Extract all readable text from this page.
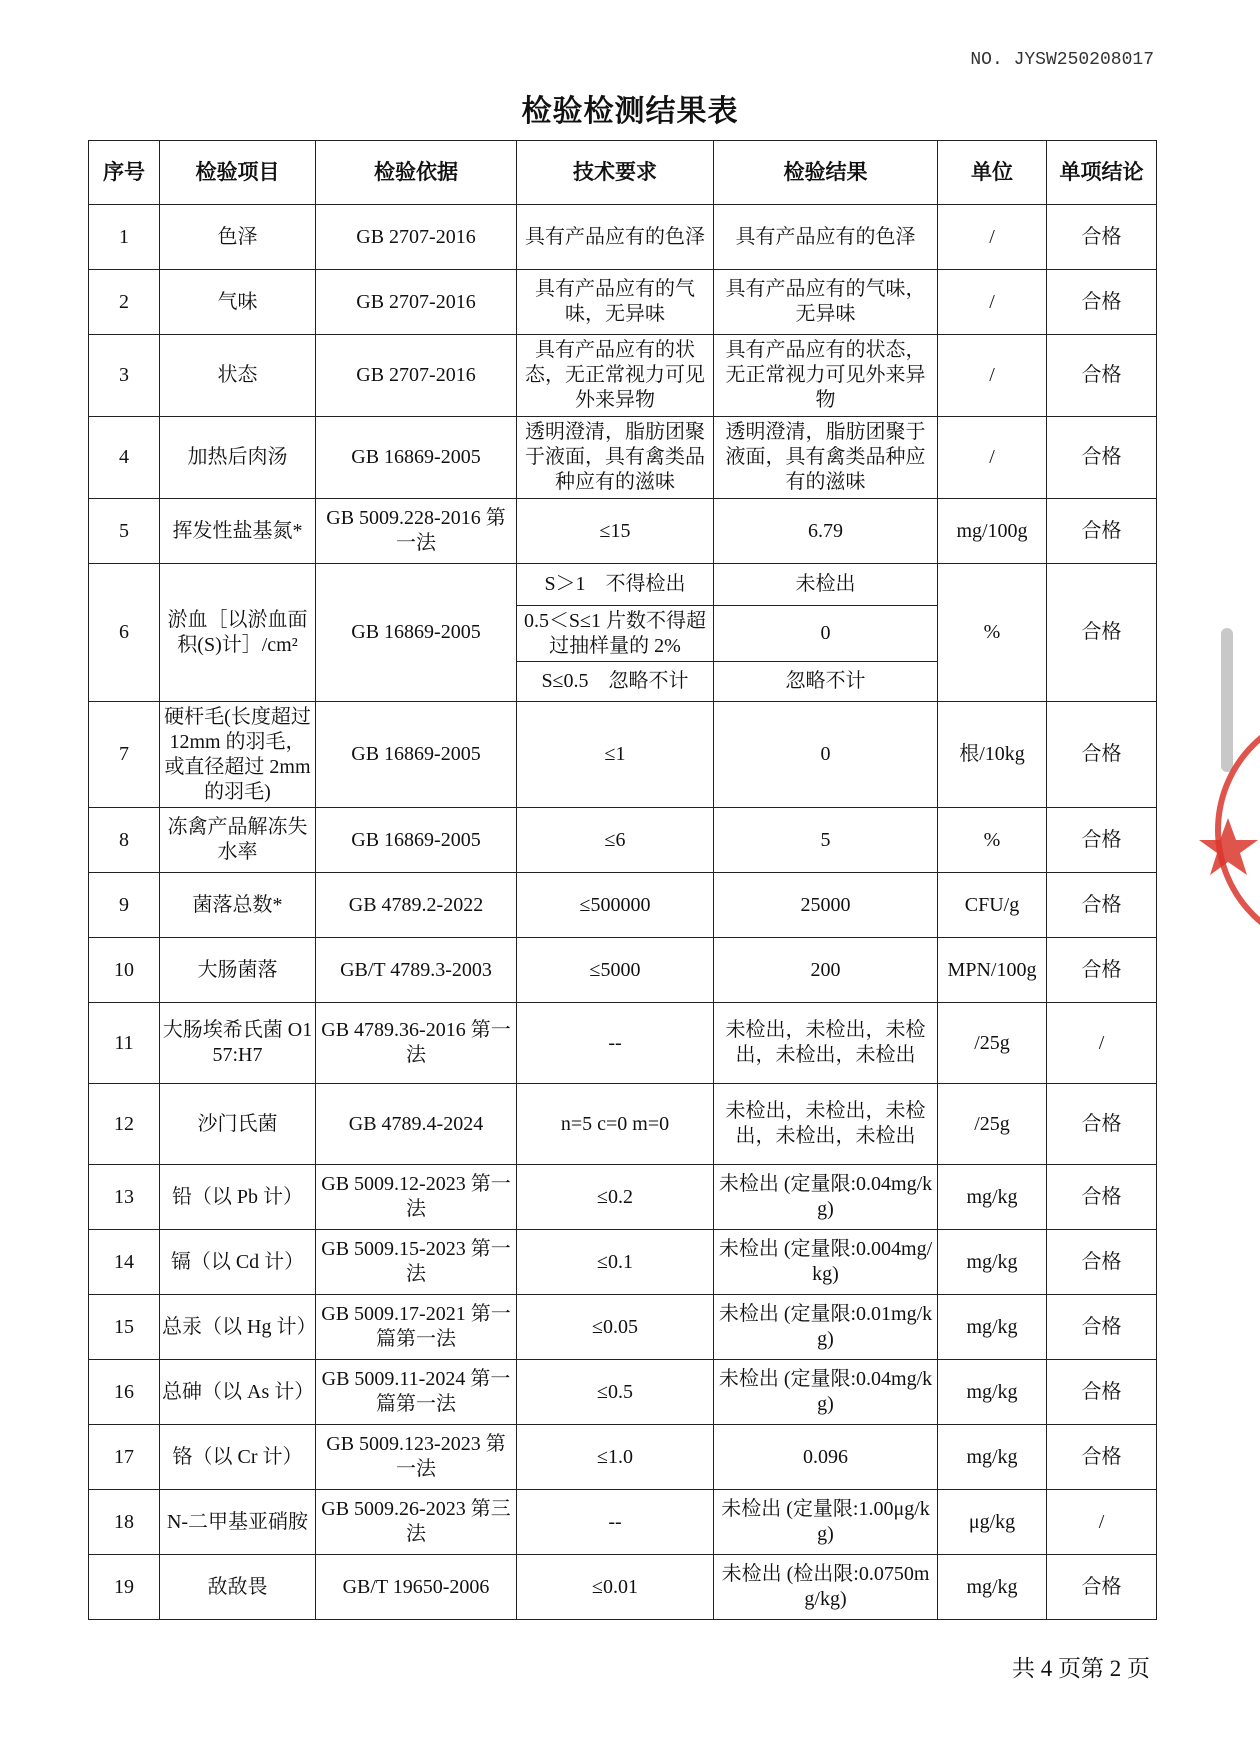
NO. JYSW250208017
检验检测结果表
序号	检验项目	检验依据	技术要求	检验结果	单位	单项结论
1	色泽	GB 2707-2016	具有产品应有的色泽	具有产品应有的色泽	/	合格
2	气味	GB 2707-2016	具有产品应有的气味，无异味	具有产品应有的气味，无异味	/	合格
3	状态	GB 2707-2016	具有产品应有的状态，无正常视力可见外来异物	具有产品应有的状态，无正常视力可见外来异物	/	合格
4	加热后肉汤	GB 16869-2005	透明澄清，脂肪团聚于液面，具有禽类品种应有的滋味	透明澄清，脂肪团聚于液面，具有禽类品种应有的滋味	/	合格
5	挥发性盐基氮*	GB 5009.228-2016 第一法	≤15	6.79	mg/100g	合格
6	淤血［以淤血面积(S)计］/cm²	GB 16869-2005	S＞1　不得检出	未检出	%	合格
			0.5＜S≤1 片数不得超过抽样量的 2%	0		
			S≤0.5　忽略不计	忽略不计		
7	硬杆毛(长度超过 12mm 的羽毛，或直径超过 2mm 的羽毛)	GB 16869-2005	≤1	0	根/10kg	合格
8	冻禽产品解冻失水率	GB 16869-2005	≤6	5	%	合格
9	菌落总数*	GB 4789.2-2022	≤500000	25000	CFU/g	合格
10	大肠菌落	GB/T 4789.3-2003	≤5000	200	MPN/100g	合格
11	大肠埃希氏菌 O157:H7	GB 4789.36-2016 第一法	--	未检出，未检出，未检出，未检出，未检出	/25g	/
12	沙门氏菌	GB 4789.4-2024	n=5 c=0 m=0	未检出，未检出，未检出，未检出，未检出	/25g	合格
13	铅（以 Pb 计）	GB 5009.12-2023 第一法	≤0.2	未检出 (定量限:0.04mg/kg)	mg/kg	合格
14	镉（以 Cd 计）	GB 5009.15-2023 第一法	≤0.1	未检出 (定量限:0.004mg/kg)	mg/kg	合格
15	总汞（以 Hg 计）	GB 5009.17-2021 第一篇第一法	≤0.05	未检出 (定量限:0.01mg/kg)	mg/kg	合格
16	总砷（以 As 计）	GB 5009.11-2024 第一篇第一法	≤0.5	未检出 (定量限:0.04mg/kg)	mg/kg	合格
17	铬（以 Cr 计）	GB 5009.123-2023 第一法	≤1.0	0.096	mg/kg	合格
18	N-二甲基亚硝胺	GB 5009.26-2023 第三法	--	未检出 (定量限:1.00μg/kg)	μg/kg	/
19	敌敌畏	GB/T 19650-2006	≤0.01	未检出 (检出限:0.0750mg/kg)	mg/kg	合格
共 4 页第 2 页
